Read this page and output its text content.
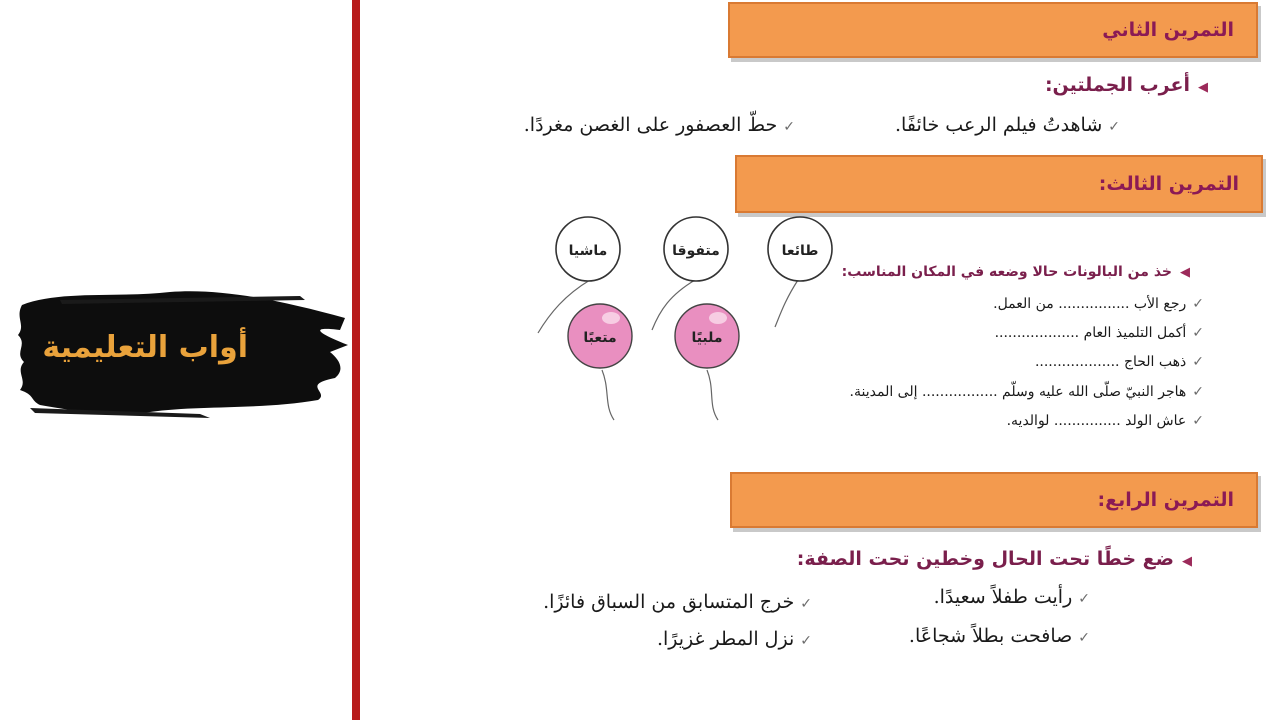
أواب التعليمية
التمرين الثاني
◀أعرب الجملتين:
✓شاهدتُ فيلم الرعب خائفًا.
✓حطّ العصفور على الغصن مغردًا.
التمرين الثالث:
طائعا
متفوقا
ماشيا
ملبيًا
متعبًا
◀خذ من البالونات حالا وضعه في المكان المناسب:
✓رجع الأب ................ من العمل.
✓أكمل التلميذ العام ...................
✓ذهب الحاج ...................
✓هاجر النبيّ صلّى الله عليه وسلّم ................. إلى المدينة.
✓عاش الولد ............... لوالديه.
التمرين الرابع:
◀ضع خطًا تحت الحال وخطين تحت الصفة:
✓رأيت طفلاً سعيدًا.
✓خرج المتسابق من السباق فائزًا.
✓صافحت بطلاً شجاعًا.
✓نزل المطر غزيرًا.
